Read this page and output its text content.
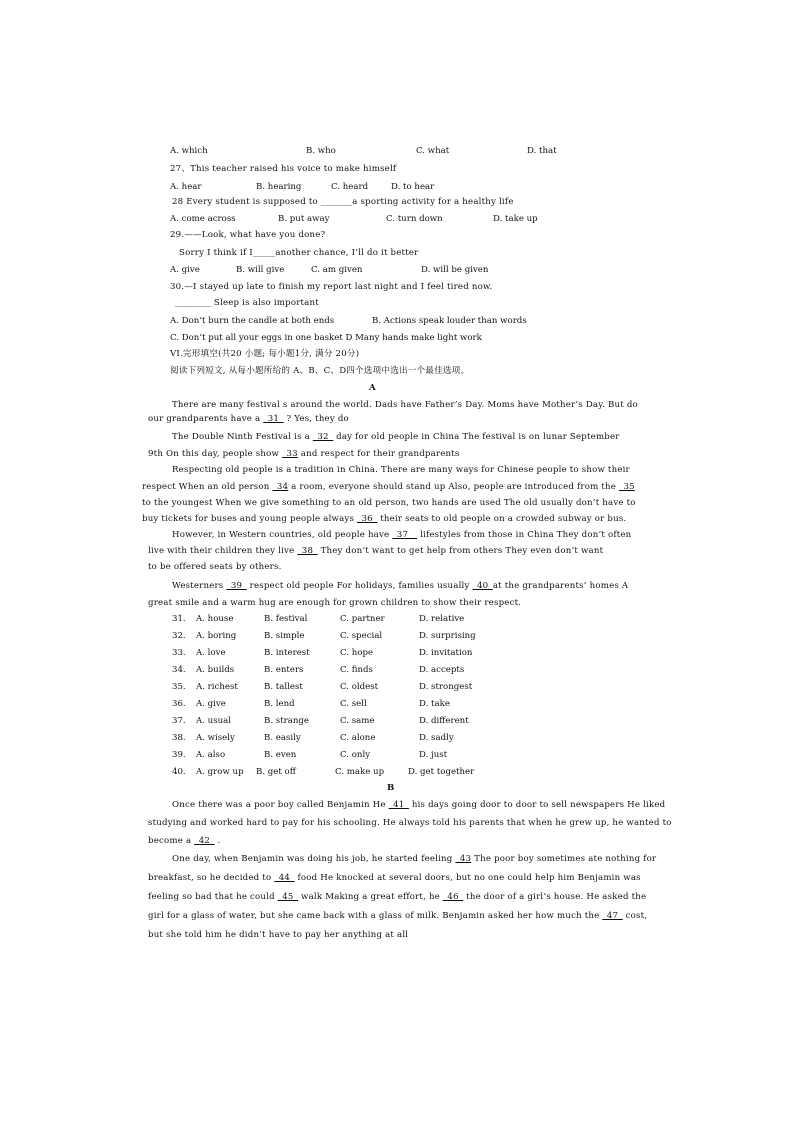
A. which	B. who	C. what	D. that
27、This teacher raised his voice to make himself
A. hear	B. hearing	C. heard	D. to hear
28 Every student is supposed to _______a sporting activity for a healthy life
A. come across	B. put away	C. turn down	D. take up
29.——Look, what have you done?
Sorry I think if I_____another chance, I’ll do it better
A. give	B. will give	C. am given	D. will be given
30.—I stayed up late to finish my report last night and I feel tired now.
________ Sleep is also important
A. Don’t burn the candle at both ends	B. Actions speak louder than words
C. Don’t put all your eggs in one basket D Many hands make light work
VI.完形填空(共20 小题; 每小题1分, 满分 20分)
阅读下列短文, 从每小题所给的 A、B、C、D四个选项中选出一个最佳选项。
A
There are many festival s around the world. Dads have Father’s Day. Moms have Mother’s Day. But do
our grandparents have a _31_ ? Yes, they do
The Double Ninth Festival is a _32_ day for old people in China The festival is on lunar September
9th On this day, people show _33 and respect for their grandparents
Respecting old people is a tradition in China. There are many ways for Chinese people to show their
respect When an old person _34 a room, everyone should stand up Also, people are introduced from the _35
to the youngest When we give something to an old person, two hands are used The old usually don’t have to
buy tickets for buses and young people always _36_ their seats to old people on a crowded subway or bus.
However, in Western countries, old people have _37__ lifestyles from those in China They don’t often
live with their children they live _38_ They don’t want to get help from others They even don’t want
to be offered seats by others.
Westerners _39_ respect old people For holidays, families usually _40_at the grandparents’ homes A
great smile and a warm hug are enough for grown children to show their respect.
31. A. house	B. festival	C. partner	D. relative
32. A. boring	B. simple	C. special	D. surprising
33. A. love	B. interest	C. hope	D. invitation
34. A. builds	B. enters	C. finds	D. accepts
35. A. richest	B. tallest	C. oldest	D. strongest
36. A. give	B. lend	C. sell	D. take
37. A. usual	B. strange	C. same	D. different
38. A. wisely	B. easily	C. alone	D. sadly
39. A. also	B. even	C. only	D. just
40. A. grow up B. get off	C. make up	D. get together
B
Once there was a poor boy called Benjamin He _41_ his days going door to door to sell newspapers He liked
studying and worked hard to pay for his schooling. He always told his parents that when he grew up, he wanted to
become a _42_ .
One day, when Benjamin was doing his job, he started feeling _43 The poor boy sometimes ate nothing for
breakfast, so he decided to _44_ food He knocked at several doors, but no one could help him Benjamin was
feeling so bad that he could _45_ walk Making a great effort, he _46_ the door of a girl’s house. He asked the
girl for a glass of water, but she came back with a glass of milk. Benjamin asked her how much the _47_ cost,
but she told him he didn’t have to pay her anything at all
